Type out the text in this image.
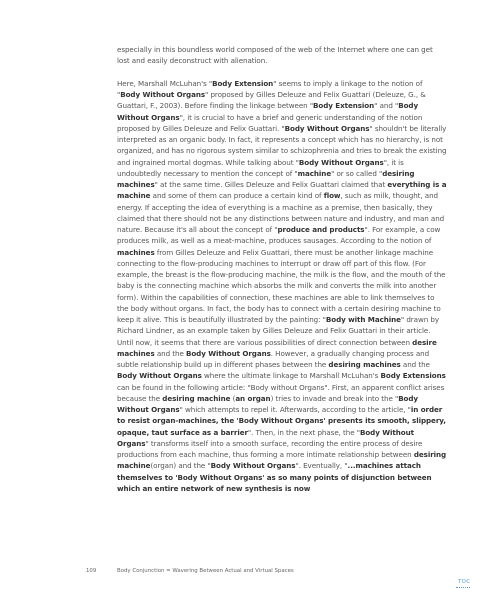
especially in this boundless world composed of the web of the Internet where one can get lost and easily deconstruct with alienation.

Here, Marshall McLuhan's "Body Extension" seems to imply a linkage to the notion of "Body Without Organs" proposed by Gilles Deleuze and Felix Guattari (Deleuze, G., & Guattari, F., 2003). Before finding the linkage between "Body Extension" and "Body Without Organs", it is crucial to have a brief and generic understanding of the notion proposed by Gilles Deleuze and Felix Guattari. "Body Without Organs" shouldn't be literally interpreted as an organic body. In fact, it represents a concept which has no hierarchy, is not organized, and has no rigorous system similar to schizophrenia and tries to break the existing and ingrained mortal dogmas. While talking about "Body Without Organs", it is undoubtedly necessary to mention the concept of "machine" or so called "desiring machines" at the same time. Gilles Deleuze and Felix Guattari claimed that everything is a machine and some of them can produce a certain kind of flow, such as milk, thought, and energy. If accepting the idea of everything is a machine as a premise, then basically, they claimed that there should not be any distinctions between nature and industry, and man and nature. Because it's all about the concept of "produce and products". For example, a cow produces milk, as well as a meat-machine, produces sausages. According to the notion of machines from Gilles Deleuze and Felix Guattari, there must be another linkage machine connecting to the flow-producing machines to interrupt or draw off part of this flow. (For example, the breast is the flow-producing machine, the milk is the flow, and the mouth of the baby is the connecting machine which absorbs the milk and converts the milk into another form). Within the capabilities of connection, these machines are able to link themselves to the body without organs. In fact, the body has to connect with a certain desiring machine to keep it alive. This is beautifully illustrated by the painting: "Body with Machine" drawn by Richard Lindner, as an example taken by Gilles Deleuze and Felix Guattari in their article. Until now, it seems that there are various possibilities of direct connection between desire machines and the Body Without Organs. However, a gradually changing process and subtle relationship build up in different phases between the desiring machines and the Body Without Organs where the ultimate linkage to Marshall McLuhan's Body Extensions can be found in the following article: "Body without Organs". First, an apparent conflict arises because the desiring machine (an organ) tries to invade and break into the "Body Without Organs" which attempts to repel it. Afterwards, according to the article, "in order to resist organ-machines, the 'Body Without Organs' presents its smooth, slippery, opaque, taut surface as a barrier". Then, in the next phase, the "Body Without Organs" transforms itself into a smooth surface, recording the entire process of desire productions from each machine, thus forming a more intimate relationship between desiring machine(organ) and the "Body Without Organs". Eventually, "...machines attach themselves to 'Body Without Organs' as so many points of disjunction between which an entire network of new synthesis is now

109	Body Conjunction = Wavering Between Actual and Virtual Spaces
TOC
